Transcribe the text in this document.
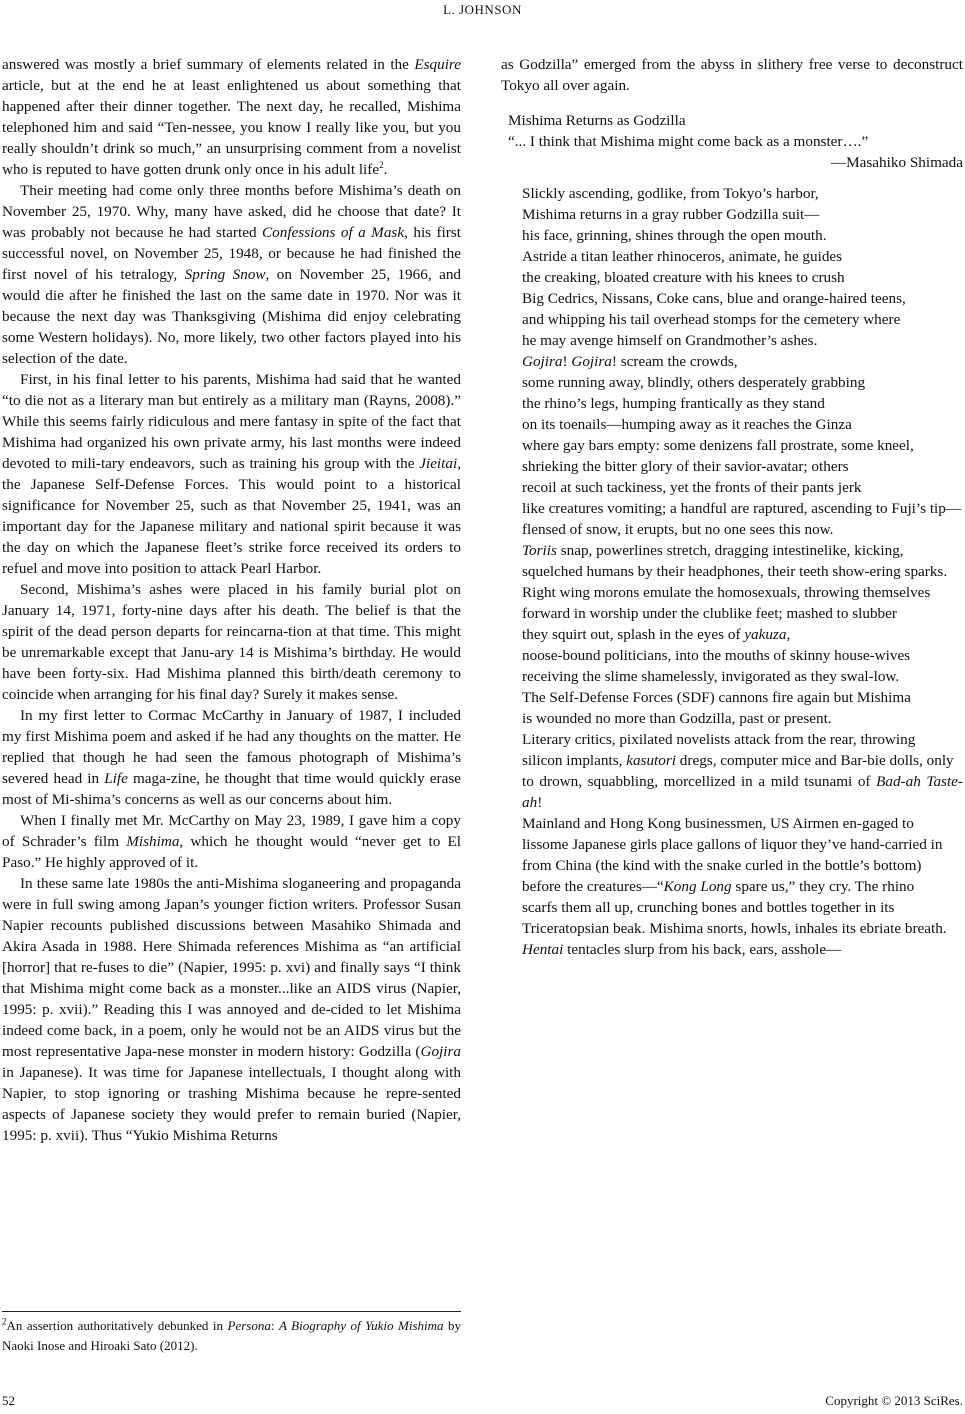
L. JOHNSON

answered was mostly a brief summary of elements related in the Esquire article, but at the end he at least enlightened us about something that happened after their dinner together. The next day, he recalled, Mishima telephoned him and said “Ten-nessee, you know I really like you, but you really shouldn’t drink so much,” an unsurprising comment from a novelist who is reputed to have gotten drunk only once in his adult life$^2$.

Their meeting had come only three months before Mishima’s death on November 25, 1970. Why, many have asked, did he choose that date? It was probably not because he had started Confessions of a Mask, his first successful novel, on November 25, 1948, or because he had finished the first novel of his tetralogy, Spring Snow, on November 25, 1966, and would die after he finished the last on the same date in 1970. Nor was it because the next day was Thanksgiving (Mishima did enjoy celebrating some Western holidays). No, more likely, two other factors played into his selection of the date.

First, in his final letter to his parents, Mishima had said that he wanted “to die not as a literary man but entirely as a military man (Rayns, 2008).” While this seems fairly ridiculous and mere fantasy in spite of the fact that Mishima had organized his own private army, his last months were indeed devoted to mili-tary endeavors, such as training his group with the Jieitai, the Japanese Self-Defense Forces. This would point to a historical significance for November 25, such as that November 25, 1941, was an important day for the Japanese military and national spirit because it was the day on which the Japanese fleet’s strike force received its orders to refuel and move into position to attack Pearl Harbor.

Second, Mishima’s ashes were placed in his family burial plot on January 14, 1971, forty-nine days after his death. The belief is that the spirit of the dead person departs for reincarna-tion at that time. This might be unremarkable except that Janu-ary 14 is Mishima’s birthday. He would have been forty-six. Had Mishima planned this birth/death ceremony to coincide when arranging for his final day? Surely it makes sense.

In my first letter to Cormac McCarthy in January of 1987, I included my first Mishima poem and asked if he had any thoughts on the matter. He replied that though he had seen the famous photograph of Mishima’s severed head in Life maga-zine, he thought that time would quickly erase most of Mi-shima’s concerns as well as our concerns about him.

When I finally met Mr. McCarthy on May 23, 1989, I gave him a copy of Schrader’s film Mishima, which he thought would “never get to El Paso.” He highly approved of it.

In these same late 1980s the anti-Mishima sloganeering and propaganda were in full swing among Japan’s younger fiction writers. Professor Susan Napier recounts published discussions between Masahiko Shimada and Akira Asada in 1988. Here Shimada references Mishima as “an artificial [horror] that re-fuses to die” (Napier, 1995: p. xvi) and finally says “I think that Mishima might come back as a monster...like an AIDS virus (Napier, 1995: p. xvii).” Reading this I was annoyed and de-cided to let Mishima indeed come back, in a poem, only he would not be an AIDS virus but the most representative Japa-nese monster in modern history: Godzilla (Gojira in Japanese). It was time for Japanese intellectuals, I thought along with Napier, to stop ignoring or trashing Mishima because he repre-sented aspects of Japanese society they would prefer to remain buried (Napier, 1995: p. xvii). Thus “Yukio Mishima Returns

as Godzilla” emerged from the abyss in slithery free verse to deconstruct Tokyo all over again.

Mishima Returns as Godzilla
“... I think that Mishima might come back as a monster….”
—Masahiko Shimada

Slickly ascending, godlike, from Tokyo’s harbor,

Mishima returns in a gray rubber Godzilla suit—

his face, grinning, shines through the open mouth.

Astride a titan leather rhinoceros, animate, he guides

the creaking, bloated creature with his knees to crush

Big Cedrics, Nissans, Coke cans, blue and orange-haired teens,

and whipping his tail overhead stomps for the cemetery where

he may avenge himself on Grandmother’s ashes.

Gojira! Gojira! scream the crowds,

some running away, blindly, others desperately grabbing

the rhino’s legs, humping frantically as they stand

on its toenails—humping away as it reaches the Ginza

where gay bars empty: some denizens fall prostrate, some kneel,

shrieking the bitter glory of their savior-avatar; others

recoil at such tackiness, yet the fronts of their pants jerk

like creatures vomiting; a handful are raptured, ascending to Fuji’s tip—

flensed of snow, it erupts, but no one sees this now.

Toriis snap, powerlines stretch, dragging intestinelike, kicking,

squelched humans by their headphones, their teeth show-ering sparks.

Right wing morons emulate the homosexuals, throwing themselves

forward in worship under the clublike feet; mashed to slubber

they squirt out, splash in the eyes of yakuza,

noose-bound politicians, into the mouths of skinny house-wives

receiving the slime shamelessly, invigorated as they swal-low.

The Self-Defense Forces (SDF) cannons fire again but Mishima

is wounded no more than Godzilla, past or present.

Literary critics, pixilated novelists attack from the rear, throwing

silicon implants, kasutori dregs, computer mice and Bar-bie dolls, only

to drown, squabbling, morcellized in a mild tsunami of Bad-ah Taste-ah!

Mainland and Hong Kong businessmen, US Airmen en-gaged to

lissome Japanese girls place gallons of liquor they’ve hand-carried in

from China (the kind with the snake curled in the bottle’s bottom)

before the creatures—“Kong Long spare us,” they cry. The rhino

scarfs them all up, crunching bones and bottles together in its

Triceratopsian beak. Mishima snorts, howls, inhales its ebriate breath.

Hentai tentacles slurp from his back, ears, asshole—

$^2$An assertion authoritatively debunked in Persona: A Biography of Yukio Mishima by Naoki Inose and Hiroaki Sato (2012).
52	Copyright © 2013 SciRes.
